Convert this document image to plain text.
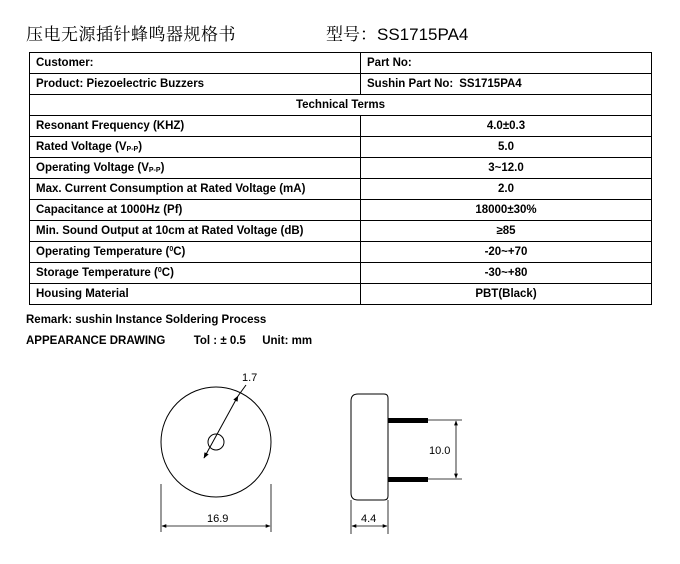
压电无源插针蜂鸣器规格书	型号：SS1715PA4
Customer:	Part No:
Product: Piezoelectric Buzzers	Sushin Part No: SS1715PA4
Technical Terms	
Resonant Frequency (KHZ)	4.0±0.3
Rated Voltage $(V_{P-P})$	5.0
Operating Voltage $(V_{P-P})$	3~12.0
Max. Current Consumption at Rated Voltage (mA)	2.0
Capacitance at 1000Hz (Pf)	18000±30%
Min. Sound Output at 10cm at Rated Voltage (dB)	≥85
Operating Temperature ($^0$C)	-20~+70
Storage Temperature ($^0$C)	-30~+80
Housing Material	PBT(Black)
Remark: sushin Instance Soldering Process
APPEARANCE DRAWING Tol : ± 0.5 Unit: mm
1.7
16.9
10.0
4.4
